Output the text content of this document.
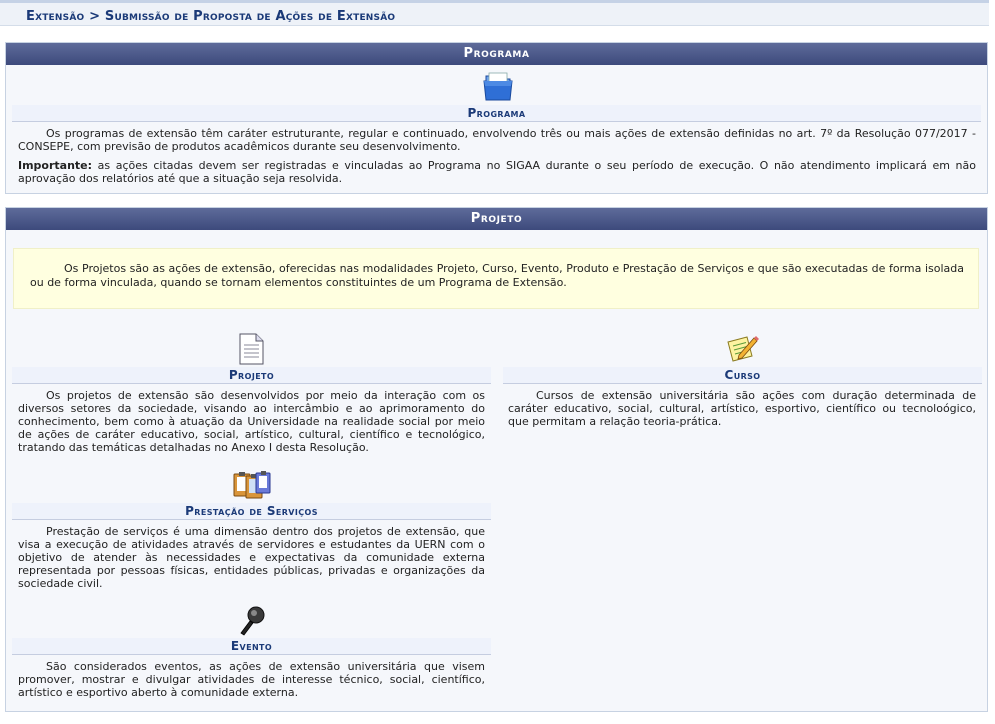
Extensão > Submissão de Proposta de Ações de Extensão
Programa
Programa

Os programas de extensão têm caráter estruturante, regular e continuado, envolvendo três ou mais ações de extensão definidas no art. 7º da Resolução 077/2017 - CONSEPE, com previsão de produtos acadêmicos durante seu desenvolvimento.

Importante: as ações citadas devem ser registradas e vinculadas ao Programa no SIGAA durante o seu período de execução. O não atendimento implicará em não aprovação dos relatórios até que a situação seja resolvida.

Projeto

Os Projetos são as ações de extensão, oferecidas nas modalidades Projeto, Curso, Evento, Produto e Prestação de Serviços e que são executadas de forma isolada ou de forma vinculada, quando se tornam elementos constituintes de um Programa de Extensão.

Projeto

Os projetos de extensão são desenvolvidos por meio da interação com os diversos setores da sociedade, visando ao intercâmbio e ao aprimoramento do conhecimento, bem como à atuação da Universidade na realidade social por meio de ações de caráter educativo, social, artístico, cultural, científico e tecnológico, tratando das temáticas detalhadas no Anexo I desta Resolução.

Curso

Cursos de extensão universitária são ações com duração determinada de caráter educativo, social, cultural, artístico, esportivo, científico ou tecnoloógico, que permitam a relação teoria-prática.

Prestação de Serviços

Prestação de serviços é uma dimensão dentro dos projetos de extensão, que visa a execução de atividades através de servidores e estudantes da UERN com o objetivo de atender às necessidades e expectativas da comunidade externa representada por pessoas físicas, entidades públicas, privadas e organizações da sociedade civil.

Evento

São considerados eventos, as ações de extensão universitária que visem promover, mostrar e divulgar atividades de interesse técnico, social, científico, artístico e esportivo aberto à comunidade externa.
